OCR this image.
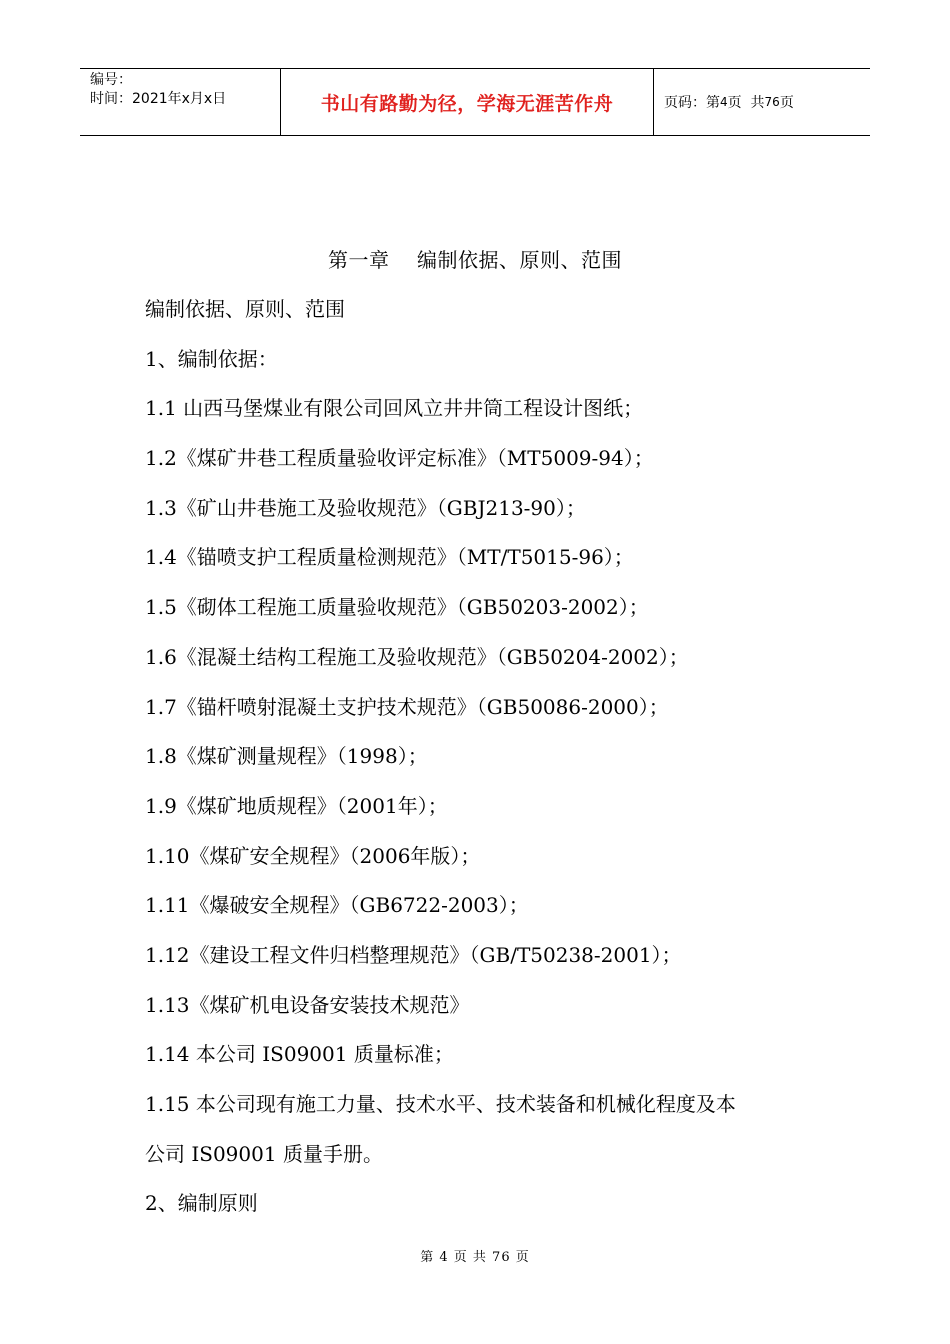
编号：
时间：2021年x月x日	书山有路勤为径，学海无涯苦作舟	页码：第 4 页  共 76 页
第一章    编制依据、原则、范围
编制依据、原则、范围
1、编制依据：
1.1 山西马堡煤业有限公司回风立井井筒工程设计图纸；
1.2《煤矿井巷工程质量验收评定标准》（MT5009-94）；
1.3《矿山井巷施工及验收规范》（GBJ213-90）；
1.4《锚喷支护工程质量检测规范》（MT/T5015-96）；
1.5《砌体工程施工质量验收规范》（GB50203-2002）；
1.6《混凝土结构工程施工及验收规范》（GB50204-2002）；
1.7《锚杆喷射混凝土支护技术规范》（GB50086-2000）；
1.8《煤矿测量规程》（1998）；
1.9《煤矿地质规程》（2001年）；
1.10《煤矿安全规程》（2006年版）；
1.11《爆破安全规程》（GB6722-2003）；
1.12《建设工程文件归档整理规范》（GB/T50238-2001）；
1.13《煤矿机电设备安装技术规范》
1.14 本公司 IS09001 质量标准；
1.15 本公司现有施工力量、技术水平、技术装备和机械化程度及本
公司 IS09001 质量手册。
2、编制原则
第 4 页 共 76 页
